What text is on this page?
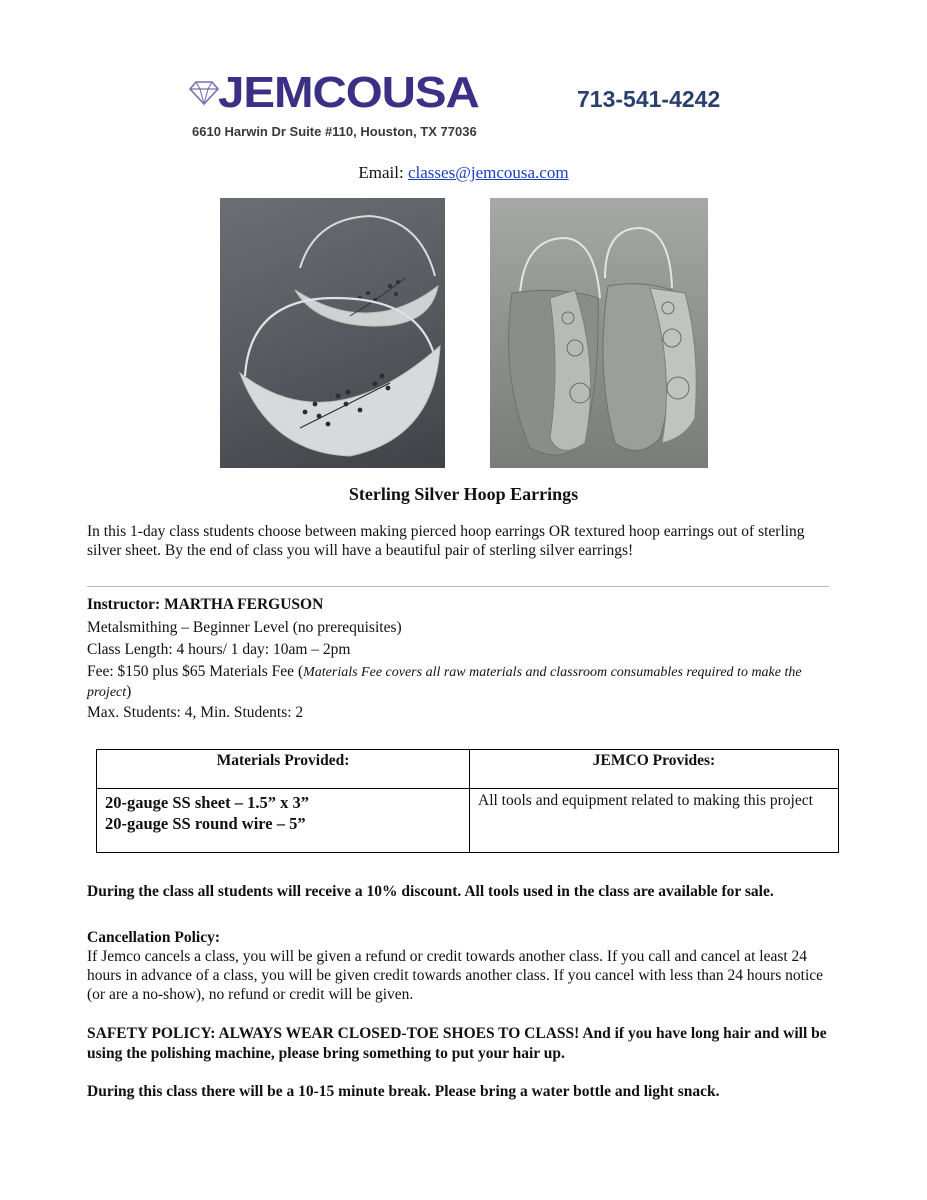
JEMCOUSA
6610 Harwin Dr Suite #110, Houston, TX 77036
713-541-4242
Email: classes@jemcousa.com
Sterling Silver Hoop Earrings
In this 1-day class students choose between making pierced hoop earrings OR textured hoop earrings out of sterling silver sheet. By the end of class you will have a beautiful pair of sterling silver earrings!
Instructor: MARTHA FERGUSON
Metalsmithing – Beginner Level (no prerequisites)
Class Length: 4 hours/ 1 day: 10am – 2pm
Fee: $150 plus $65 Materials Fee (Materials Fee covers all raw materials and classroom consumables required to make the project)
Max. Students: 4, Min. Students: 2
Materials Provided:	JEMCO Provides:
20-gauge SS sheet – 1.5” x 3”
20-gauge SS round wire – 5”
All tools and equipment related to making this project
During the class all students will receive a 10% discount. All tools used in the class are available for sale.
Cancellation Policy:
If Jemco cancels a class, you will be given a refund or credit towards another class. If you call and cancel at least 24 hours in advance of a class, you will be given credit towards another class. If you cancel with less than 24 hours notice (or are a no-show), no refund or credit will be given.
SAFETY POLICY: ALWAYS WEAR CLOSED-TOE SHOES TO CLASS! And if you have long hair and will be using the polishing machine, please bring something to put your hair up.
During this class there will be a 10-15 minute break. Please bring a water bottle and light snack.
